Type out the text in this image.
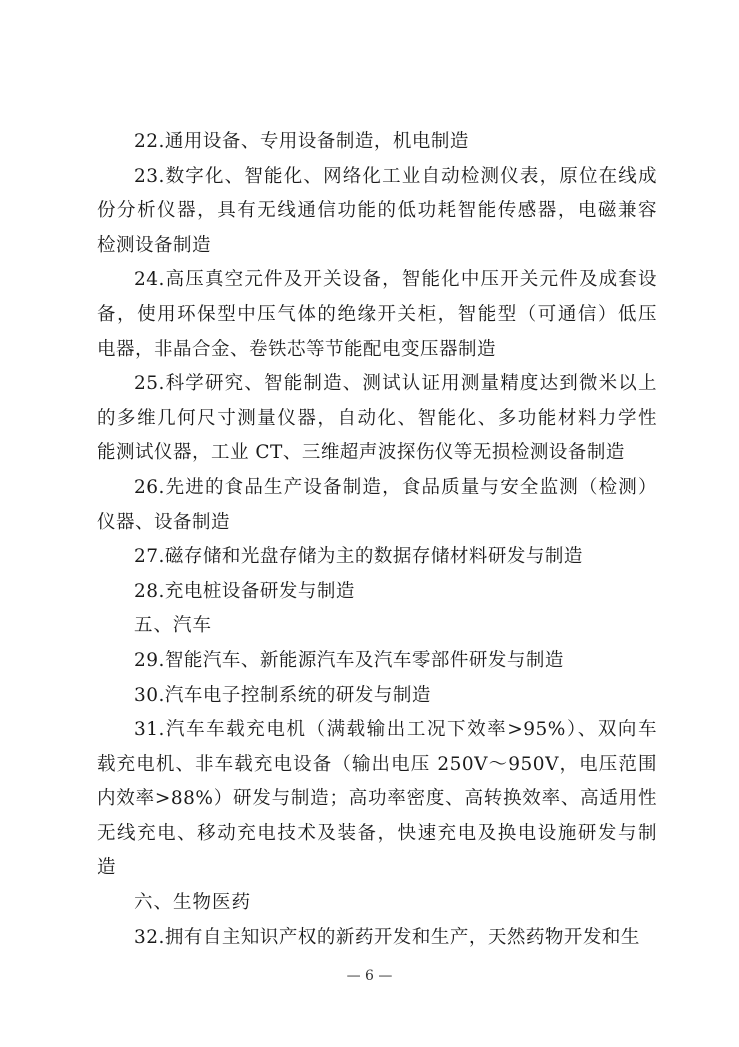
22.通用设备、专用设备制造，机电制造
23.数字化、智能化、网络化工业自动检测仪表，原位在线成
份分析仪器，具有无线通信功能的低功耗智能传感器，电磁兼容
检测设备制造
24.高压真空元件及开关设备，智能化中压开关元件及成套设
备，使用环保型中压气体的绝缘开关柜，智能型（可通信）低压
电器，非晶合金、卷铁芯等节能配电变压器制造
25.科学研究、智能制造、测试认证用测量精度达到微米以上
的多维几何尺寸测量仪器，自动化、智能化、多功能材料力学性
能测试仪器，工业 CT、三维超声波探伤仪等无损检测设备制造
26.先进的食品生产设备制造，食品质量与安全监测（检测）
仪器、设备制造
27.磁存储和光盘存储为主的数据存储材料研发与制造
28.充电桩设备研发与制造
五、汽车
29.智能汽车、新能源汽车及汽车零部件研发与制造
30.汽车电子控制系统的研发与制造
31.汽车车载充电机（满载输出工况下效率>95%）、双向车
载充电机、非车载充电设备（输出电压 250V～950V，电压范围
内效率>88%）研发与制造；高功率密度、高转换效率、高适用性
无线充电、移动充电技术及装备，快速充电及换电设施研发与制
造
六、生物医药
32.拥有自主知识产权的新药开发和生产，天然药物开发和生
— 6 —
